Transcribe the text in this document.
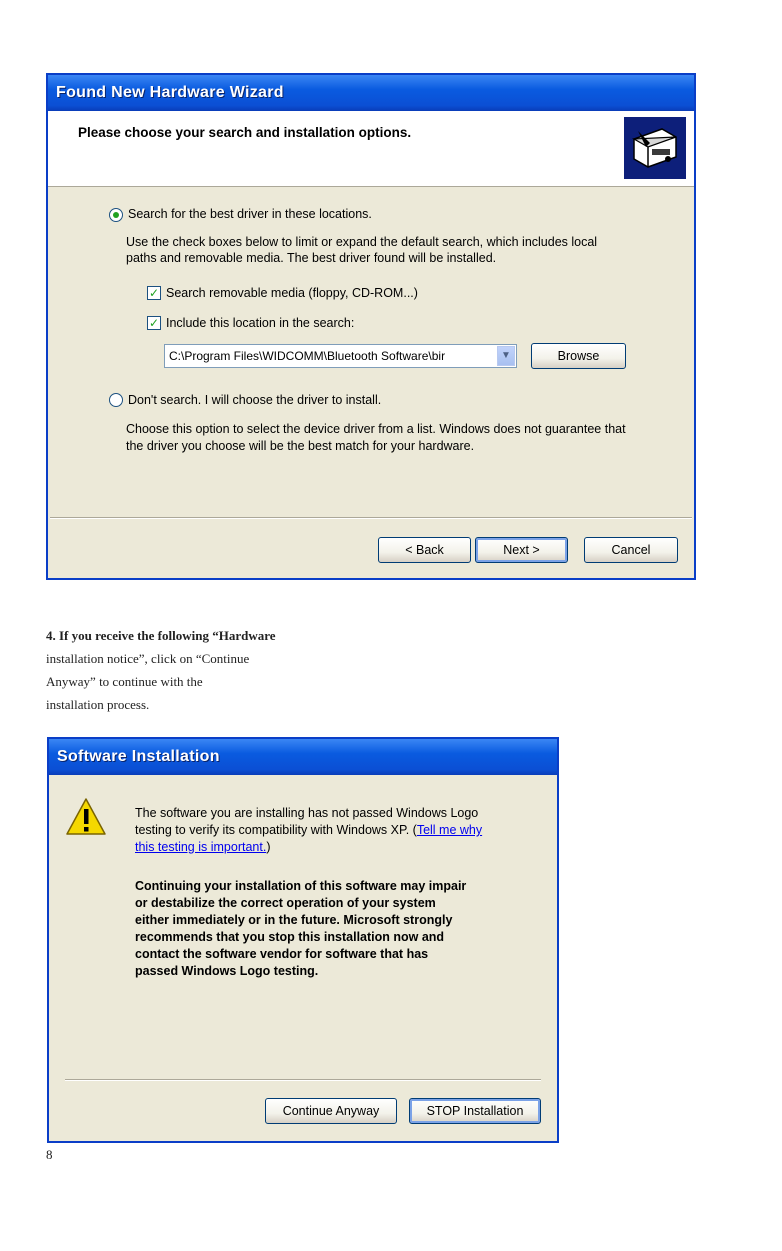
Found New Hardware Wizard
Please choose your search and installation options.
Search for the best driver in these locations.
Use the check boxes below to limit or expand the default search, which includes local
paths and removable media. The best driver found will be installed.
✓ Search removable media (floppy, CD-ROM...)
✓ Include this location in the search:
C:\Program Files\WIDCOMM\Bluetooth Software\bir	▼	Browse
Don't search. I will choose the driver to install.
Choose this option to select the device driver from a list. Windows does not guarantee that
the driver you choose will be the best match for your hardware.
< Back	Next >	Cancel
4. If you receive the following “Hardware
installation notice”, click on “Continue
Anyway” to continue with the
installation process.
Software Installation
The software you are installing has not passed Windows Logo
testing to verify its compatibility with Windows XP. (Tell me why
this testing is important.)
Continuing your installation of this software may impair
or destabilize the correct operation of your system
either immediately or in the future. Microsoft strongly
recommends that you stop this installation now and
contact the software vendor for software that has
passed Windows Logo testing.
Continue Anyway	STOP Installation
8
